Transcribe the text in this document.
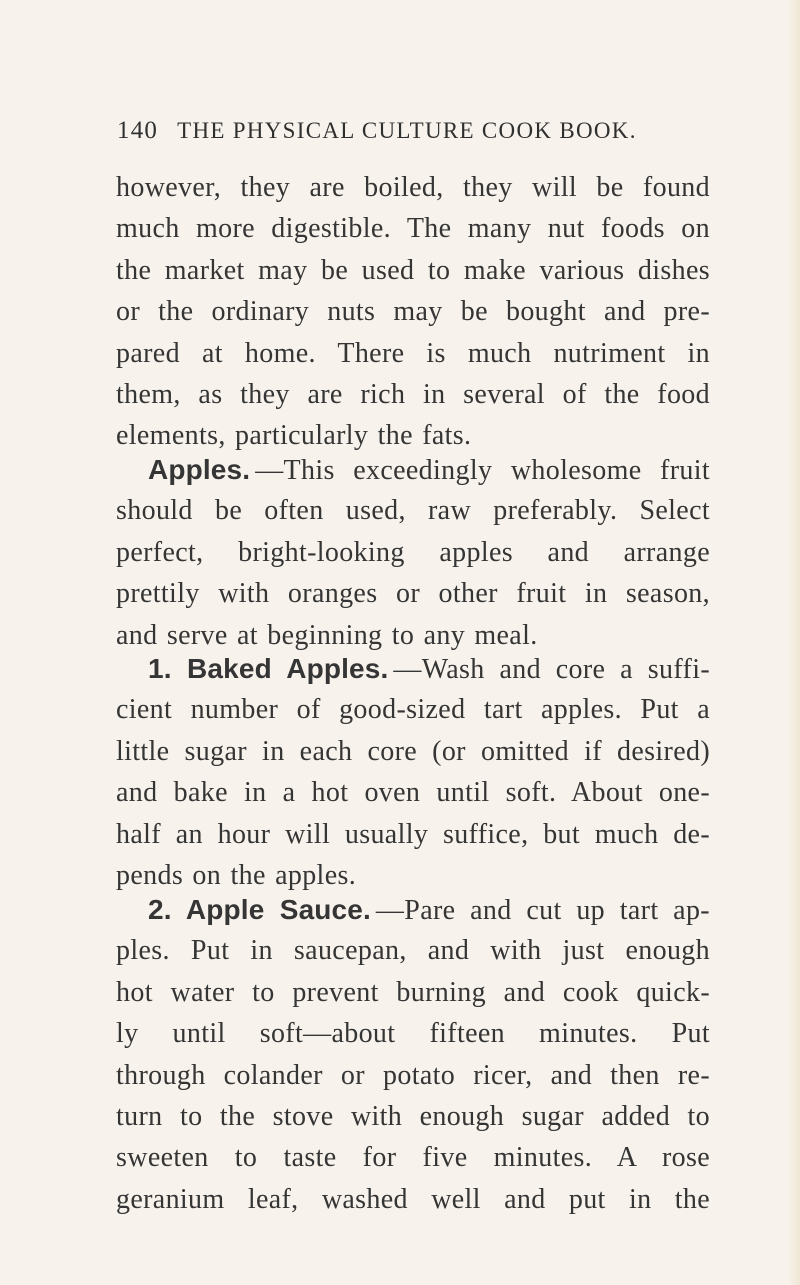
140 THE PHYSICAL CULTURE COOK BOOK.
however, they are boiled, they will be found
much more digestible. The many nut foods on
the market may be used to make various dishes
or the ordinary nuts may be bought and pre-
pared at home. There is much nutriment in
them, as they are rich in several of the food
elements, particularly the fats.
Apples. —This exceedingly wholesome fruit
should be often used, raw preferably. Select
perfect, bright-looking apples and arrange
prettily with oranges or other fruit in season,
and serve at beginning to any meal.
1. Baked Apples. —Wash and core a suffi-
cient number of good-sized tart apples. Put a
little sugar in each core (or omitted if desired)
and bake in a hot oven until soft. About one-
half an hour will usually suffice, but much de-
pends on the apples.
2. Apple Sauce. —Pare and cut up tart ap-
ples. Put in saucepan, and with just enough
hot water to prevent burning and cook quick-
ly until soft—about fifteen minutes. Put
through colander or potato ricer, and then re-
turn to the stove with enough sugar added to
sweeten to taste for five minutes. A rose
geranium leaf, washed well and put in the
